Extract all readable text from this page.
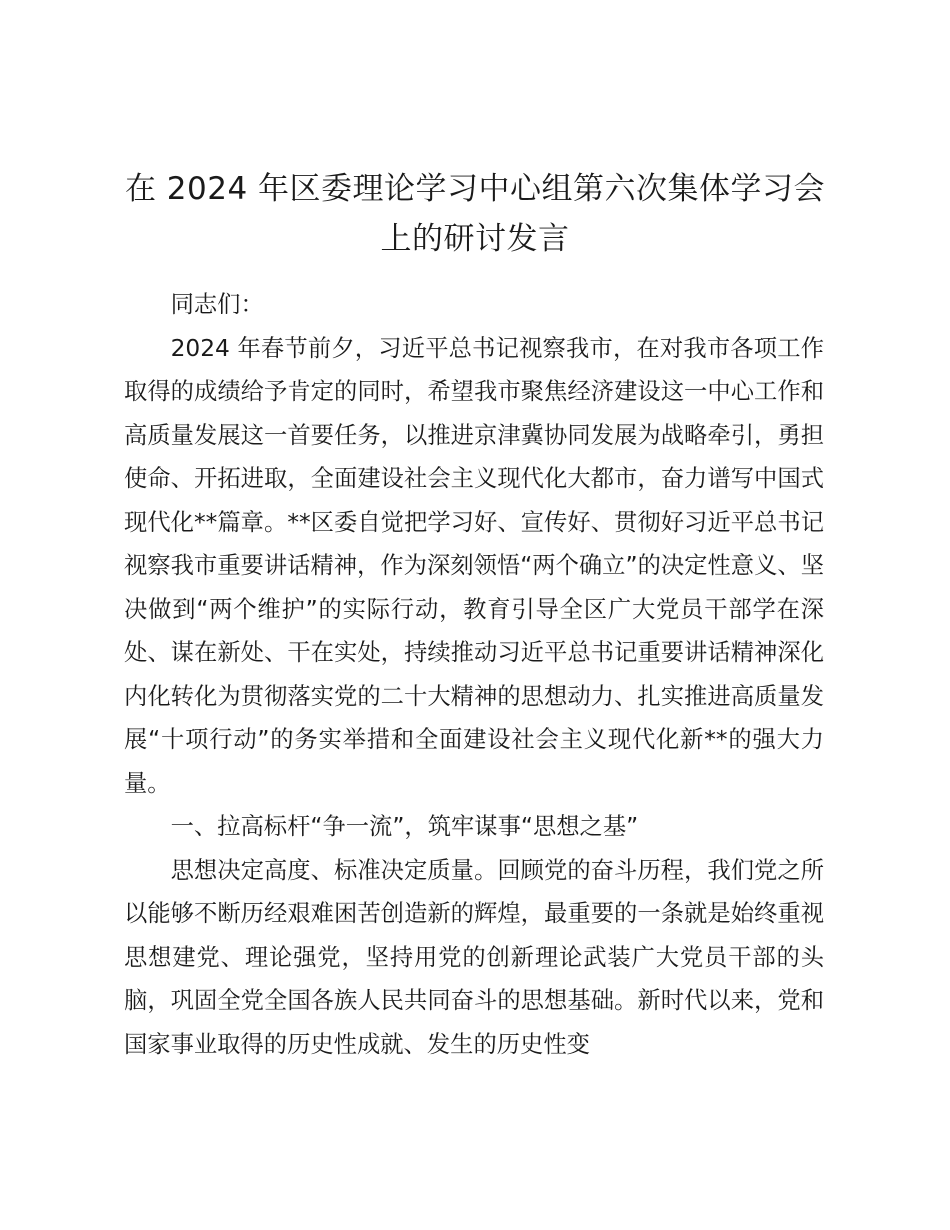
在 2024 年区委理论学习中心组第六次集体学习会上的研讨发言

同志们：

2024 年春节前夕，习近平总书记视察我市，在对我市各项工作取得的成绩给予肯定的同时，希望我市聚焦经济建设这一中心工作和高质量发展这一首要任务，以推进京津冀协同发展为战略牵引，勇担使命、开拓进取，全面建设社会主义现代化大都市，奋力谱写中国式现代化**篇章。**区委自觉把学习好、宣传好、贯彻好习近平总书记视察我市重要讲话精神，作为深刻领悟“两个确立”的决定性意义、坚决做到“两个维护”的实际行动，教育引导全区广大党员干部学在深处、谋在新处、干在实处，持续推动习近平总书记重要讲话精神深化内化转化为贯彻落实党的二十大精神的思想动力、扎实推进高质量发展“十项行动”的务实举措和全面建设社会主义现代化新**的强大力量。

一、拉高标杆“争一流”，筑牢谋事“思想之基”

思想决定高度、标准决定质量。回顾党的奋斗历程，我们党之所以能够不断历经艰难困苦创造新的辉煌，最重要的一条就是始终重视思想建党、理论强党，坚持用党的创新理论武装广大党员干部的头脑，巩固全党全国各族人民共同奋斗的思想基础。新时代以来，党和国家事业取得的历史性成就、发生的历史性变
